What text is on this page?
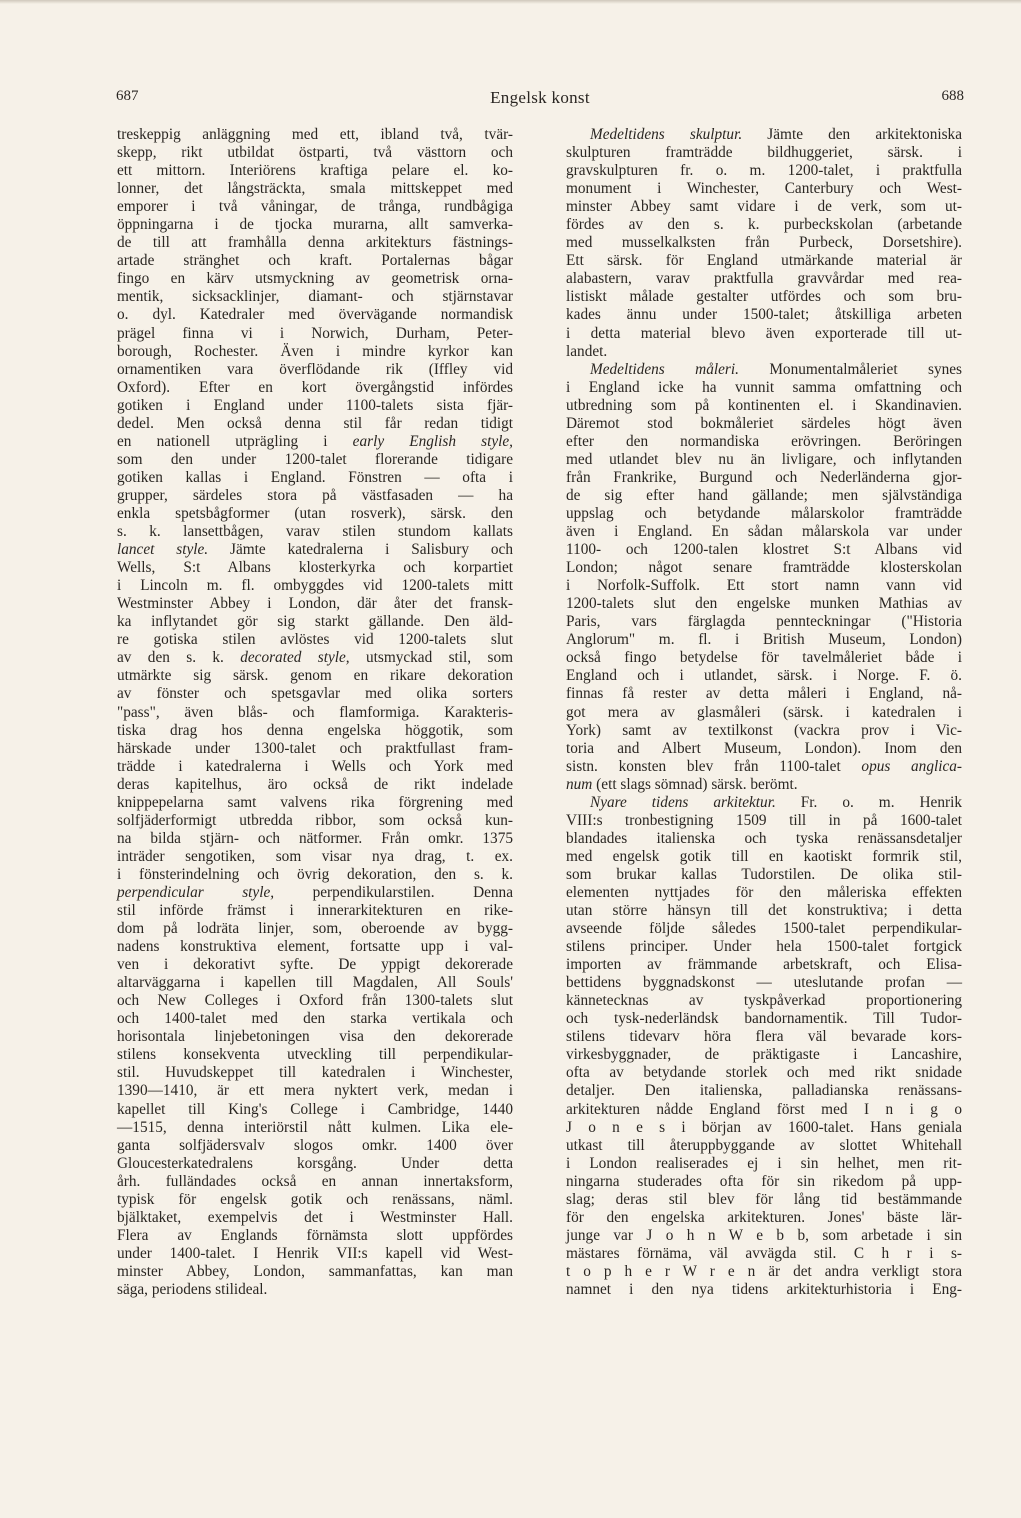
687	Engelsk konst	688
treskeppig anläggning med ett, ibland två, tvär-
skepp, rikt utbildat östparti, två västtorn och
ett mittorn. Interiörens kraftiga pelare el. ko-
lonner, det långsträckta, smala mittskeppet med
emporer i två våningar, de trånga, rundbågiga
öppningarna i de tjocka murarna, allt samverka-
de till att framhålla denna arkitekturs fästnings-
artade stränghet och kraft. Portalernas bågar
fingo en kärv utsmyckning av geometrisk orna-
mentik, sicksacklinjer, diamant- och stjärnstavar
o. dyl. Katedraler med övervägande normandisk
prägel finna vi i Norwich, Durham, Peter-
borough, Rochester. Även i mindre kyrkor kan
ornamentiken vara överflödande rik (Iffley vid
Oxford). Efter en kort övergångstid infördes
gotiken i England under 1100-talets sista fjär-
dedel. Men också denna stil får redan tidigt
en nationell utprägling i early English style,
som den under 1200-talet florerande tidigare
gotiken kallas i England. Fönstren — ofta i
grupper, särdeles stora på västfasaden — ha
enkla spetsbågformer (utan rosverk), särsk. den
s. k. lansettbågen, varav stilen stundom kallats
lancet style. Jämte katedralerna i Salisbury och
Wells, S:t Albans klosterkyrka och korpartiet
i Lincoln m. fl. ombyggdes vid 1200-talets mitt
Westminster Abbey i London, där åter det fransk-
ka inflytandet gör sig starkt gällande. Den äld-
re gotiska stilen avlöstes vid 1200-talets slut
av den s. k. decorated style, utsmyckad stil, som
utmärkte sig särsk. genom en rikare dekoration
av fönster och spetsgavlar med olika sorters
"pass", även blås- och flamformiga. Karakteris-
tiska drag hos denna engelska höggotik, som
härskade under 1300-talet och praktfullast fram-
trädde i katedralerna i Wells och York med
deras kapitelhus, äro också de rikt indelade
knippepelarna samt valvens rika förgrening med
solfjäderformigt utbredda ribbor, som också kun-
na bilda stjärn- och nätformer. Från omkr. 1375
inträder sengotiken, som visar nya drag, t. ex.
i fönsterindelning och övrig dekoration, den s. k.
perpendicular style, perpendikularstilen. Denna
stil införde främst i innerarkitekturen en rike-
dom på lodräta linjer, som, oberoende av bygg-
nadens konstruktiva element, fortsatte upp i val-
ven i dekorativt syfte. De yppigt dekorerade
altarväggarna i kapellen till Magdalen, All Souls'
och New Colleges i Oxford från 1300-talets slut
och 1400-talet med den starka vertikala och
horisontala linjebetoningen visa den dekorerade
stilens konsekventa utveckling till perpendikular-
stil. Huvudskeppet till katedralen i Winchester,
1390—1410, är ett mera nyktert verk, medan i
kapellet till King's College i Cambridge, 1440
—1515, denna interiörstil nått kulmen. Lika ele-
ganta solfjädersvalv slogos omkr. 1400 över
Gloucesterkatedralens korsgång. Under detta
årh. fulländades också en annan innertaksform,
typisk för engelsk gotik och renässans, näml.
bjälktaket, exempelvis det i Westminster Hall.
Flera av Englands förnämsta slott uppfördes
under 1400-talet. I Henrik VII:s kapell vid West-
minster Abbey, London, sammanfattas, kan man
säga, periodens stilideal.
Medeltidens skulptur. Jämte den arkitektoniska
skulpturen framträdde bildhuggeriet, särsk. i
gravskulpturen fr. o. m. 1200-talet, i praktfulla
monument i Winchester, Canterbury och West-
minster Abbey samt vidare i de verk, som ut-
fördes av den s. k. purbeckskolan (arbetande
med musselkalksten från Purbeck, Dorsetshire).
Ett särsk. för England utmärkande material är
alabastern, varav praktfulla gravvårdar med rea-
listiskt målade gestalter utfördes och som bru-
kades ännu under 1500-talet; åtskilliga arbeten
i detta material blevo även exporterade till ut-
landet.
Medeltidens måleri. Monumentalmåleriet synes
i England icke ha vunnit samma omfattning och
utbredning som på kontinenten el. i Skandinavien.
Däremot stod bokmåleriet särdeles högt även
efter den normandiska erövringen. Beröringen
med utlandet blev nu än livligare, och inflytanden
från Frankrike, Burgund och Nederländerna gjor-
de sig efter hand gällande; men självständiga
uppslag och betydande målarskolor framträdde
även i England. En sådan målarskola var under
1100- och 1200-talen klostret S:t Albans vid
London; något senare framträdde klosterskolan
i Norfolk-Suffolk. Ett stort namn vann vid
1200-talets slut den engelske munken Mathias av
Paris, vars färglagda pennteckningar ("Historia
Anglorum" m. fl. i British Museum, London)
också fingo betydelse för tavelmåleriet både i
England och i utlandet, särsk. i Norge. F. ö.
finnas få rester av detta måleri i England, nå-
got mera av glasmåleri (särsk. i katedralen i
York) samt av textilkonst (vackra prov i Vic-
toria and Albert Museum, London). Inom den
sistn. konsten blev från 1100-talet opus anglica-
num (ett slags sömnad) särsk. berömt.
Nyare tidens arkitektur. Fr. o. m. Henrik
VIII:s tronbestigning 1509 till in på 1600-talet
blandades italienska och tyska renässansdetaljer
med engelsk gotik till en kaotiskt formrik stil,
som brukar kallas Tudorstilen. De olika stil-
elementen nyttjades för den måleriska effekten
utan större hänsyn till det konstruktiva; i detta
avseende följde således 1500-talet perpendikular-
stilens principer. Under hela 1500-talet fortgick
importen av främmande arbetskraft, och Elisa-
bettidens byggnadskonst — uteslutande profan —
kännetecknas av tyskpåverkad proportionering
och tysk-nederländsk bandornamentik. Till Tudor-
stilens tidevarv höra flera väl bevarade kors-
virkesbyggnader, de präktigaste i Lancashire,
ofta av betydande storlek och med rikt snidade
detaljer. Den italienska, palladianska renässans-
arkitekturen nådde England först med I n i g o
J o n e s i början av 1600-talet. Hans geniala
utkast till återuppbyggande av slottet Whitehall
i London realiserades ej i sin helhet, men rit-
ningarna studerades ofta för sin rikedom på upp-
slag; deras stil blev för lång tid bestämmande
för den engelska arkitekturen. Jones' bäste lär-
junge var J o h n W e b b, som arbetade i sin
mästares förnäma, väl avvägda stil. C h r i s-
t o p h e r W r e n är det andra verkligt stora
namnet i den nya tidens arkitekturhistoria i Eng-
